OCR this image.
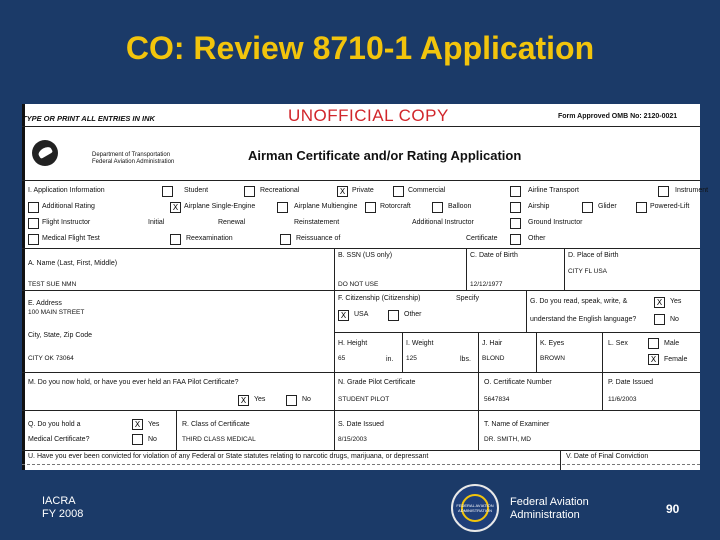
CO: Review 8710-1 Application
TYPE OR PRINT ALL ENTRIES IN INK	UNOFFICIAL COPY	Form Approved OMB No: 2120-0021
Department of Transportation
Federal Aviation Administration	Airman Certificate and/or Rating Application
I. Application Information	Student	Recreational	X Private	Commercial	Airline Transport	Instrument
Additional Rating	X Airplane Single-Engine	Airplane Multiengine	Rotorcraft	Balloon	Airship	Glider	Powered-Lift
Flight Instructor	Initial	Renewal	Reinstatement	Additional Instructor	Ground Instructor
Medical Flight Test	Reexamination	Reissuance of	Certificate	Other
A. Name (Last, First, Middle)
TEST SUE NMN
B. SSN (US only)
DO NOT USE
C. Date of Birth
12/12/1977
D. Place of Birth
CITY FL USA
E. Address
100 MAIN STREET
F. Citizenship (Citizenship)	Specify
X	USA	Other
G. Do you read, speak, write, &
understand the English language?
X	Yes
No
City, State, Zip Code
CITY OK 73064
H. Height
65	in.
I. Weight
125	lbs.
J. Hair
BLOND
K. Eyes
BROWN
L. Sex	Male
X	Female
M. Do you now hold, or have you ever held an FAA Pilot Certificate?
X	Yes	No
N. Grade Pilot Certificate
STUDENT PILOT
O. Certificate Number
5647834
P. Date Issued
11/6/2003
Q. Do you hold a
Medical Certificate?
X	Yes
No
R. Class of Certificate
THIRD CLASS MEDICAL
S. Date Issued
8/15/2003
T. Name of Examiner
DR. SMITH, MD
U. Have you ever been convicted for violation of any Federal or State statutes relating to narcotic drugs, marijuana, or depressant	V. Date of Final Conviction
IACRA
FY 2008
FEDERAL AVIATION ADMINISTRATION
Federal Aviation
Administration	90
